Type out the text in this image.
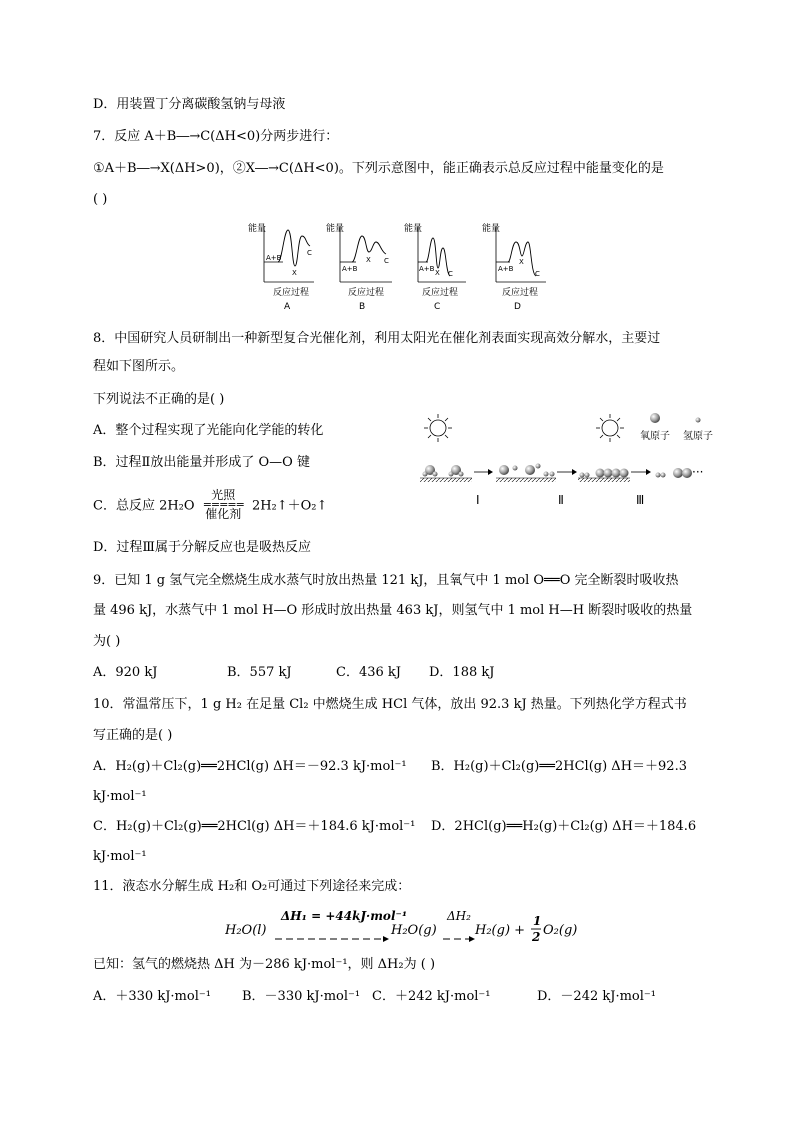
D．用装置丁分离碳酸氢钠与母液
7．反应 A＋B―→C(ΔH<0)分两步进行：
①A＋B―→X(ΔH>0)，②X―→C(ΔH<0)。下列示意图中，能正确表示总反应过程中能量变化的是
( )
能量
A+B
X
C
反应过程
A
能量
A+B
X C
反应过程
B
能量
A+B X C
反应过程
C
能量
A+B
X
C
反应过程
D
8．中国研究人员研制出一种新型复合光催化剂，利用太阳光在催化剂表面实现高效分解水，主要过
程如下图所示。
下列说法不正确的是( )
A．整个过程实现了光能向化学能的转化
B．过程Ⅱ放出能量并形成了 O—O 键
C．总反应 2H₂O
光照
=====
催化剂
2H₂↑＋O₂↑
D．过程Ⅲ属于分解反应也是吸热反应
氧原子 氢原子
Ⅰ	Ⅱ	Ⅲ
···
9．已知 1 g 氢气完全燃烧生成水蒸气时放出热量 121 kJ，且氧气中 1 mol O══O 完全断裂时吸收热
量 496 kJ，水蒸气中 1 mol H—O 形成时放出热量 463 kJ，则氢气中 1 mol H—H 断裂时吸收的热量
为( )
A．920 kJ	B．557 kJ	C．436 kJ D．188 kJ
10．常温常压下，1 g H₂ 在足量 Cl₂ 中燃烧生成 HCl 气体，放出 92.3 kJ 热量。下列热化学方程式书
写正确的是( )
A．H₂(g)＋Cl₂(g)══2HCl(g) ΔH＝－92.3 kJ·mol⁻¹ B．H₂(g)＋Cl₂(g)══2HCl(g) ΔH＝＋92.3
kJ·mol⁻¹
C．H₂(g)＋Cl₂(g)══2HCl(g) ΔH＝＋184.6 kJ·mol⁻¹ D．2HCl(g)══H₂(g)＋Cl₂(g) ΔH＝＋184.6
kJ·mol⁻¹
11．液态水分解生成 H₂和 O₂可通过下列途径来完成：
H₂O(l)
ΔH₁ = +44kJ·mol⁻¹
H₂O(g)
ΔH₂
H₂(g) +
1
2 O₂(g)
已知：氢气的燃烧热 ΔH 为－286 kJ·mol⁻¹，则 ΔH₂为 ( )
A．＋330 kJ·mol⁻¹ B．－330 kJ·mol⁻¹ C．＋242 kJ·mol⁻¹	D．－242 kJ·mol⁻¹
